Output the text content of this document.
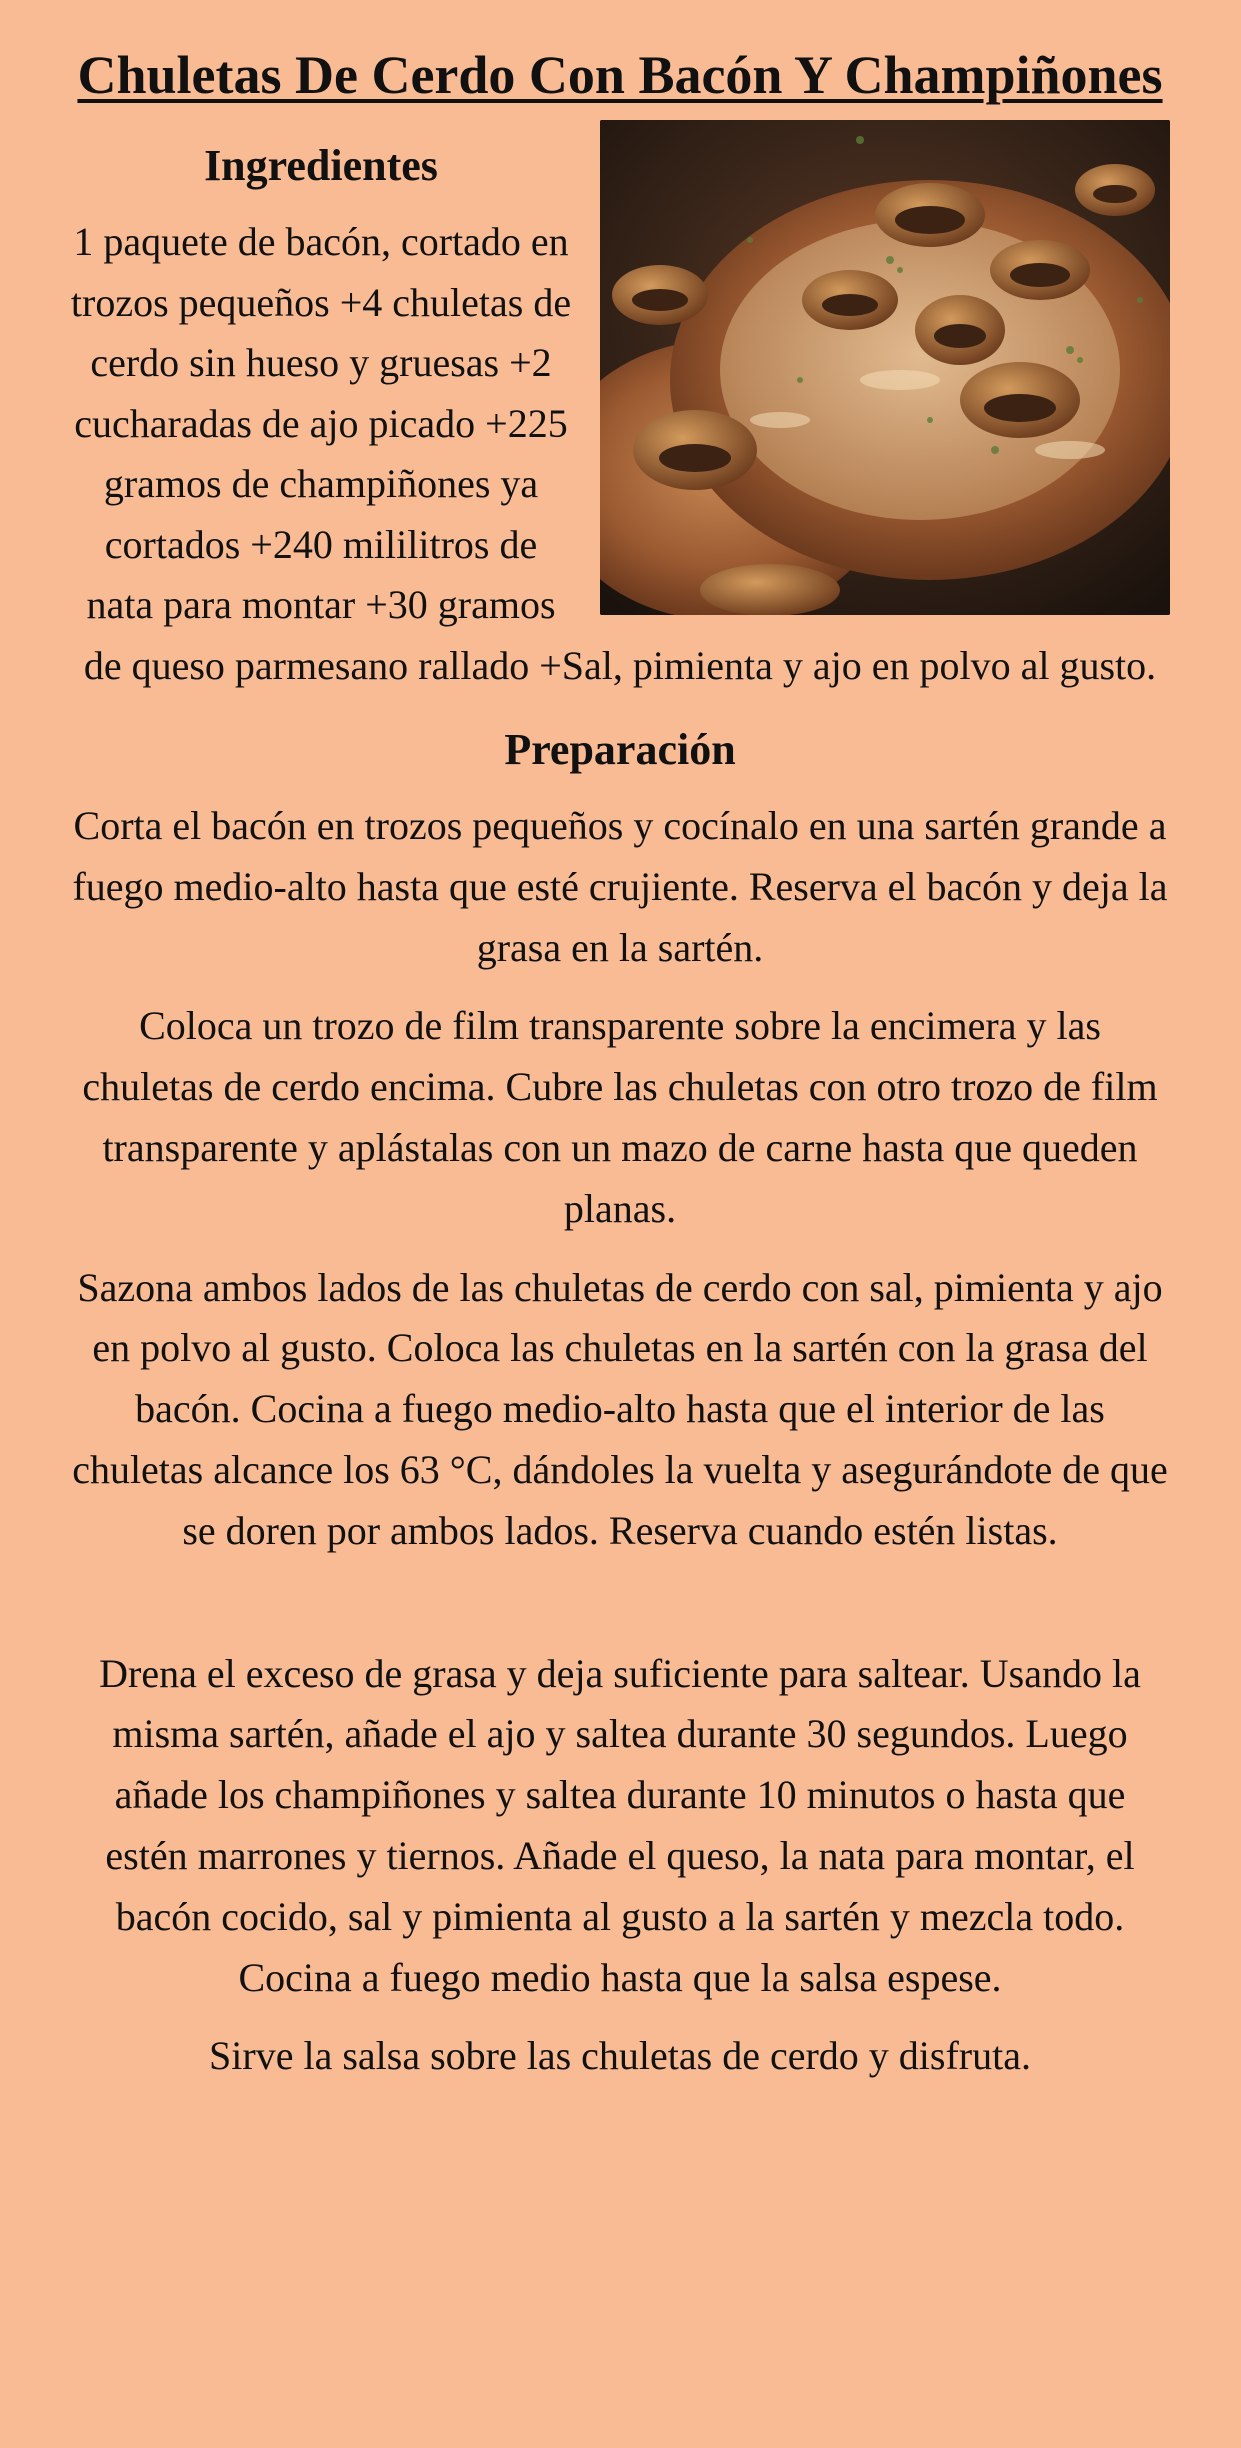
Chuletas De Cerdo Con Bacón Y Champiñones
Ingredientes

1 paquete de bacón, cortado en trozos pequeños +4 chuletas de cerdo sin hueso y gruesas +2 cucharadas de ajo picado +225 gramos de champiñones ya cortados +240 mililitros de nata para montar +30 gramos de queso parmesano rallado +Sal, pimienta y ajo en polvo al gusto.

Preparación

Corta el bacón en trozos pequeños y cocínalo en una sartén grande a fuego medio-alto hasta que esté crujiente. Reserva el bacón y deja la grasa en la sartén.

Coloca un trozo de film transparente sobre la encimera y las chuletas de cerdo encima. Cubre las chuletas con otro trozo de film transparente y aplástalas con un mazo de carne hasta que queden planas.

Sazona ambos lados de las chuletas de cerdo con sal, pimienta y ajo en polvo al gusto. Coloca las chuletas en la sartén con la grasa del bacón. Cocina a fuego medio-alto hasta que el interior de las chuletas alcance los 63 °C, dándoles la vuelta y asegurándote de que se doren por ambos lados. Reserva cuando estén listas.

Drena el exceso de grasa y deja suficiente para saltear. Usando la misma sartén, añade el ajo y saltea durante 30 segundos. Luego añade los champiñones y saltea durante 10 minutos o hasta que estén marrones y tiernos. Añade el queso, la nata para montar, el bacón cocido, sal y pimienta al gusto a la sartén y mezcla todo. Cocina a fuego medio hasta que la salsa espese.

Sirve la salsa sobre las chuletas de cerdo y disfruta.
